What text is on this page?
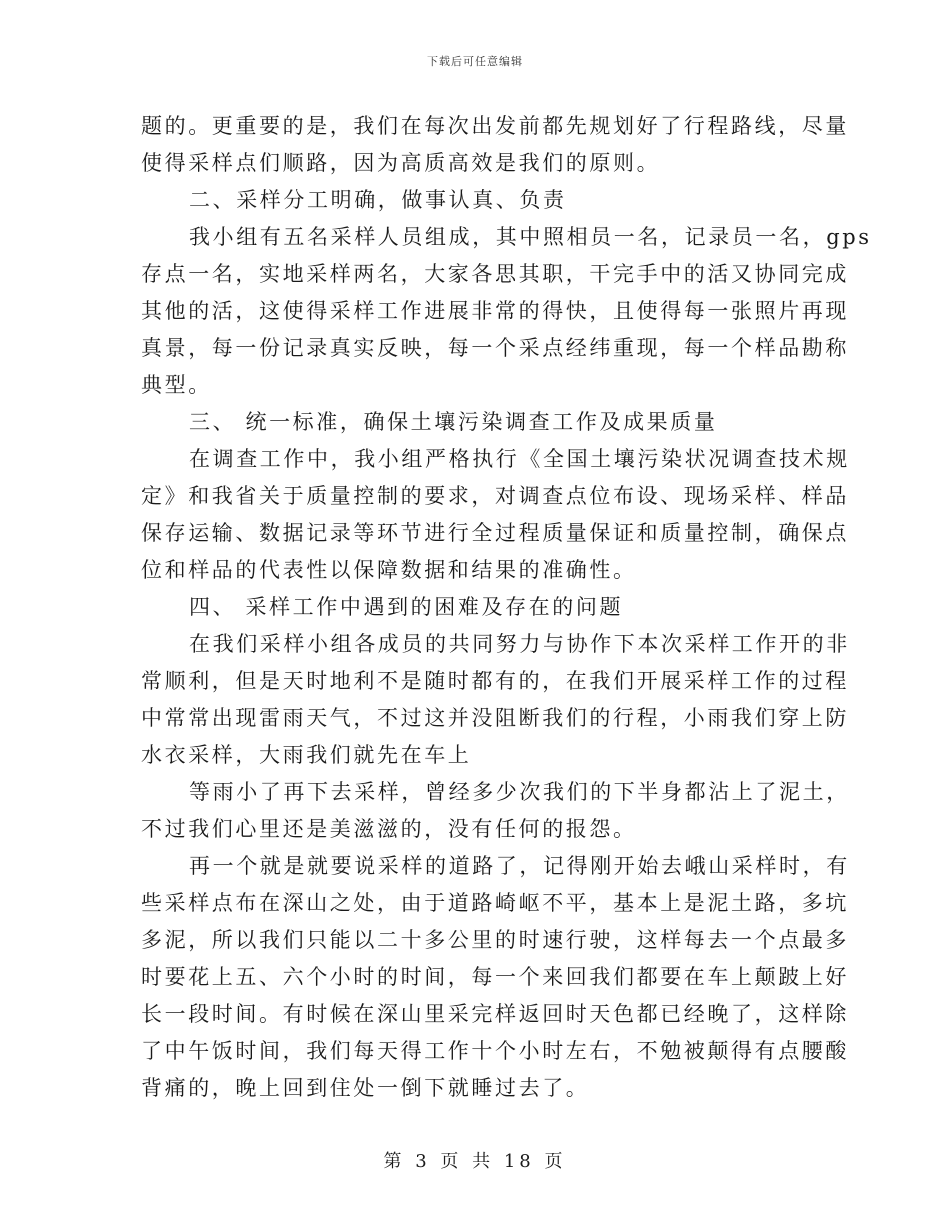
下载后可任意编辑
题的。更重要的是，我们在每次出发前都先规划好了行程路线，尽量
使得采样点们顺路，因为高质高效是我们的原则。
二、采样分工明确，做事认真、负责
我小组有五名采样人员组成，其中照相员一名，记录员一名，gps
存点一名，实地采样两名，大家各思其职，干完手中的活又协同完成
其他的活，这使得采样工作进展非常的得快，且使得每一张照片再现
真景，每一份记录真实反映，每一个采点经纬重现，每一个样品勘称
典型。
三、 统一标准，确保土壤污染调查工作及成果质量
在调查工作中，我小组严格执行《全国土壤污染状况调查技术规
定》和我省关于质量控制的要求，对调查点位布设、现场采样、样品
保存运输、数据记录等环节进行全过程质量保证和质量控制，确保点
位和样品的代表性以保障数据和结果的准确性。
四、 采样工作中遇到的困难及存在的问题
在我们采样小组各成员的共同努力与协作下本次采样工作开的非
常顺利，但是天时地利不是随时都有的，在我们开展采样工作的过程
中常常出现雷雨天气，不过这并没阻断我们的行程，小雨我们穿上防
水衣采样，大雨我们就先在车上
等雨小了再下去采样，曾经多少次我们的下半身都沾上了泥土，
不过我们心里还是美滋滋的，没有任何的报怨。
再一个就是就要说采样的道路了，记得刚开始去峨山采样时，有
些采样点布在深山之处，由于道路崎岖不平，基本上是泥土路，多坑
多泥，所以我们只能以二十多公里的时速行驶，这样每去一个点最多
时要花上五、六个小时的时间，每一个来回我们都要在车上颠跛上好
长一段时间。有时候在深山里采完样返回时天色都已经晚了，这样除
了中午饭时间，我们每天得工作十个小时左右，不勉被颠得有点腰酸
背痛的，晚上回到住处一倒下就睡过去了。
第 3 页 共 18 页
